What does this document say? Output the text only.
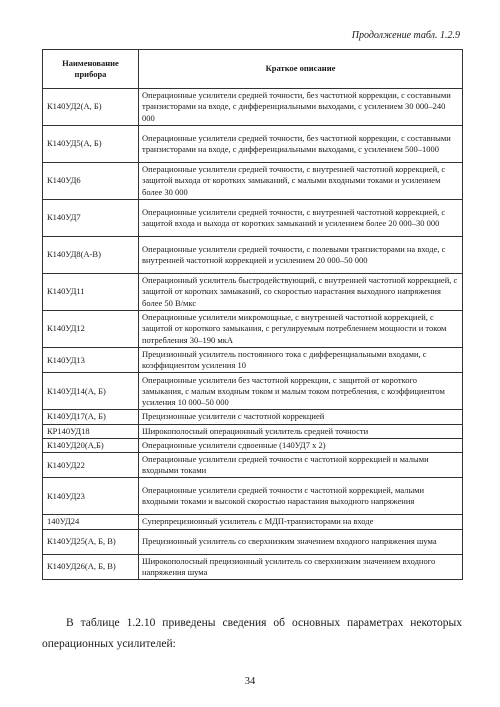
Продолжение табл. 1.2.9
Наименование прибора	Краткое описание
К140УД2(А, Б)	Операционные усилители средней точности, без частотной коррекции, с составными транзисторами на входе, с дифференциальными выходами, с усилением 30 000–240 000
К140УД5(А, Б)	Операционные усилители средней точности, без частотной коррекции, с составными транзисторами на входе, с дифференциальными выходами, с усилением 500–1000
К140УД6	Операционные усилители средней точности, с внутренней частотной коррекцией, с защитой выхода от коротких замыканий, с малыми входными токами и усилением более 30 000
К140УД7	Операционные усилители средней точности, с внутренней частотной коррекцией, с защитой входа и выхода от коротких замыканий и усилением более 20 000–30 000
К140УД8(А-В)	Операционные усилители средней точности, с полевыми транзисторами на входе, с внутренней частотной коррекцией и усилением 20 000–50 000
К140УД11	Операционный усилитель быстродействующий, с внутренней частотной коррекцией, с защитой от коротких замыканий, со скоростью нарастания выходного напряжения более 50 В/мкс
К140УД12	Операционные усилители микромощные, с внутренней частотной коррекцией, с защитой от короткого замыкания, с регулируемым потреблением мощности и током потребления 30–190 мкА
К140УД13	Прецизионный усилитель постоянного тока с дифференциальными входами, с коэффициентом усиления 10
К140УД14(А, Б)	Операционные усилители без частотной коррекции, с защитой от короткого замыкания, с малым входным током и малым током потребления, с коэффициентом усиления 10 000–50 000
К140УД17(А, Б)	Прецизионные усилители с частотной коррекцией
КР140УД18	Широкополосный операционный усилитель средней точности
К140УД20(А,Б)	Операционные усилители сдвоенные (140УД7 x 2)
К140УД22	Операционные усилители средней точности с частотной коррекцией и малыми входными токами
К140УД23	Операционные усилители средней точности с частотной коррекцией, малыми входными токами и высокой скоростью нарастания выходного напряжения
140УД24	Суперпрецизионный усилитель с МДП-транзисторами на входе
К140УД25(А, Б, В)	Прецизионный усилитель со сверхнизким значением входного напряжения шума
К140УД26(А, Б, В)	Широкополосный прецизионный усилитель со сверхнизким значением входного напряжения шума

В таблице 1.2.10 приведены сведения об основных параметрах некоторых операционных усилителей:

34
